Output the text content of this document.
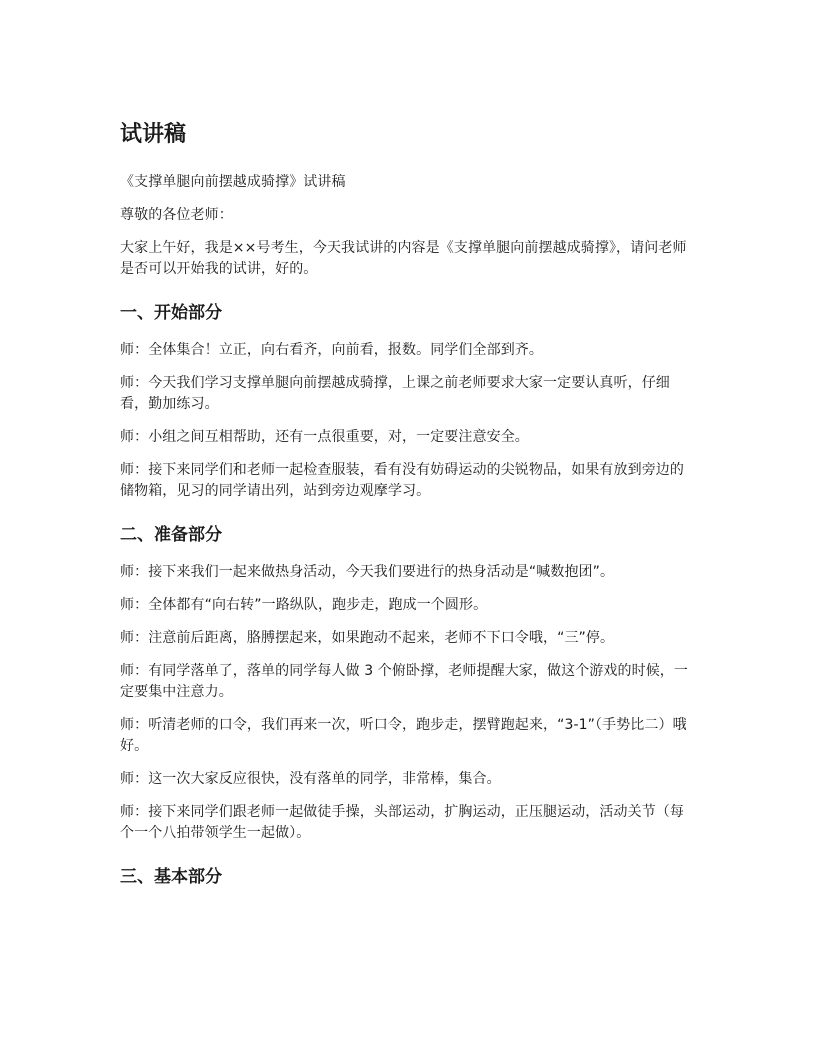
试讲稿

《支撑单腿向前摆越成骑撑》试讲稿

尊敬的各位老师：

大家上午好，我是××号考生，今天我试讲的内容是《支撑单腿向前摆越成骑撑》，请问老师是否可以开始我的试讲，好的。

一、开始部分

师：全体集合！立正，向右看齐，向前看，报数。同学们全部到齐。

师：今天我们学习支撑单腿向前摆越成骑撑，上课之前老师要求大家一定要认真听，仔细看，勤加练习。

师：小组之间互相帮助，还有一点很重要，对，一定要注意安全。

师：接下来同学们和老师一起检查服装，看有没有妨碍运动的尖锐物品，如果有放到旁边的储物箱，见习的同学请出列，站到旁边观摩学习。

二、准备部分

师：接下来我们一起来做热身活动，今天我们要进行的热身活动是“喊数抱团”。

师：全体都有“向右转”一路纵队，跑步走，跑成一个圆形。

师：注意前后距离，胳膊摆起来，如果跑动不起来，老师不下口令哦，“三”停。

师：有同学落单了，落单的同学每人做 3 个俯卧撑，老师提醒大家，做这个游戏的时候，一定要集中注意力。

师：听清老师的口令，我们再来一次，听口令，跑步走，摆臂跑起来，“3-1”（手势比二）哦好。

师：这一次大家反应很快，没有落单的同学，非常棒，集合。

师：接下来同学们跟老师一起做徒手操，头部运动，扩胸运动，正压腿运动，活动关节（每个一个八拍带领学生一起做）。

三、基本部分
